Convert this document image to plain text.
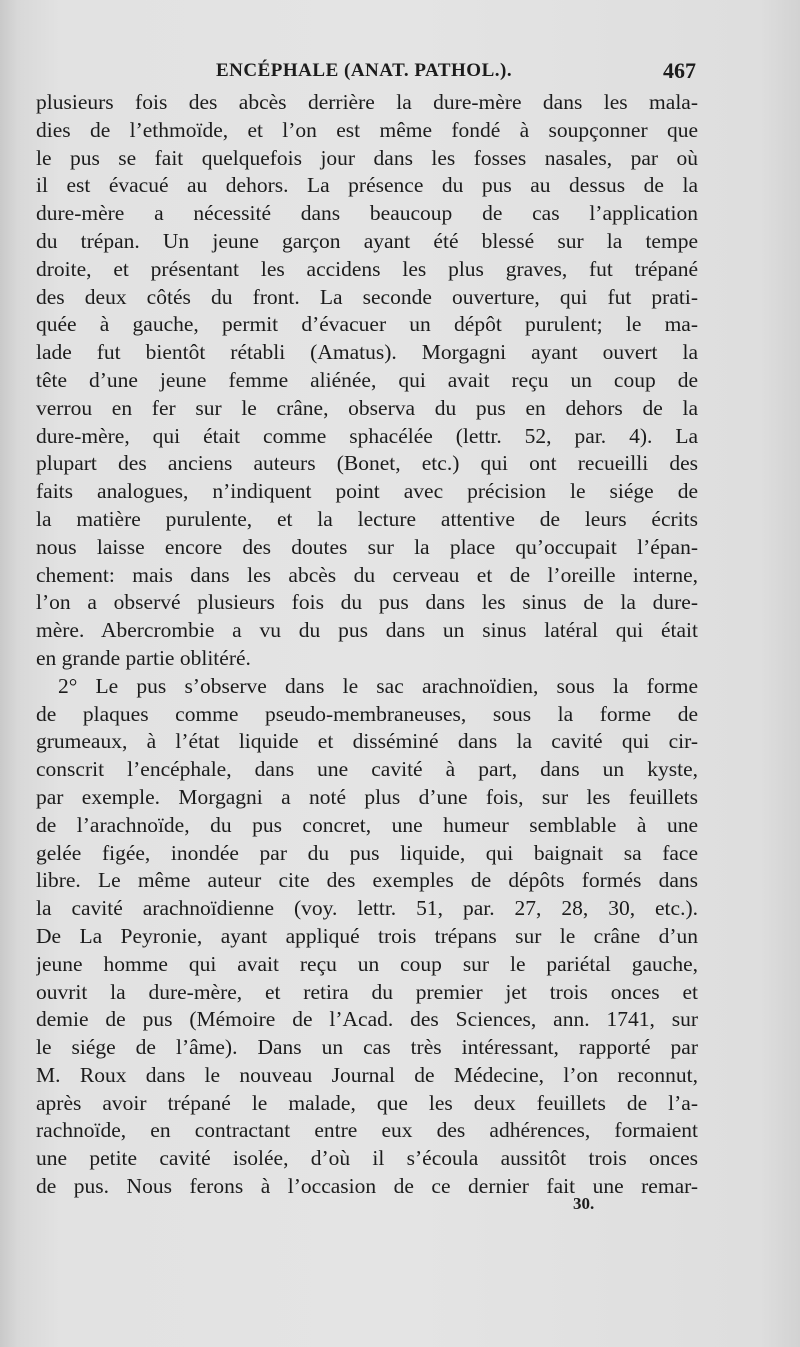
ENCÉPHALE (ANAT. PATHOL.).	467
plusieurs fois des abcès derrière la dure-mère dans les mala-
dies de l’ethmoïde, et l’on est même fondé à soupçonner que
le pus se fait quelquefois jour dans les fosses nasales, par où
il est évacué au dehors. La présence du pus au dessus de la
dure-mère a nécessité dans beaucoup de cas l’application
du trépan. Un jeune garçon ayant été blessé sur la tempe
droite, et présentant les accidens les plus graves, fut trépané
des deux côtés du front. La seconde ouverture, qui fut prati-
quée à gauche, permit d’évacuer un dépôt purulent; le ma-
lade fut bientôt rétabli (Amatus). Morgagni ayant ouvert la
tête d’une jeune femme aliénée, qui avait reçu un coup de
verrou en fer sur le crâne, observa du pus en dehors de la
dure-mère, qui était comme sphacélée (lettr. 52, par. 4). La
plupart des anciens auteurs (Bonet, etc.) qui ont recueilli des
faits analogues, n’indiquent point avec précision le siége de
la matière purulente, et la lecture attentive de leurs écrits
nous laisse encore des doutes sur la place qu’occupait l’épan-
chement: mais dans les abcès du cerveau et de l’oreille interne,
l’on a observé plusieurs fois du pus dans les sinus de la dure-
mère. Abercrombie a vu du pus dans un sinus latéral qui était
en grande partie oblitéré.
2° Le pus s’observe dans le sac arachnoïdien, sous la forme
de plaques comme pseudo-membraneuses, sous la forme de
grumeaux, à l’état liquide et disséminé dans la cavité qui cir-
conscrit l’encéphale, dans une cavité à part, dans un kyste,
par exemple. Morgagni a noté plus d’une fois, sur les feuillets
de l’arachnoïde, du pus concret, une humeur semblable à une
gelée figée, inondée par du pus liquide, qui baignait sa face
libre. Le même auteur cite des exemples de dépôts formés dans
la cavité arachnoïdienne (voy. lettr. 51, par. 27, 28, 30, etc.).
De La Peyronie, ayant appliqué trois trépans sur le crâne d’un
jeune homme qui avait reçu un coup sur le pariétal gauche,
ouvrit la dure-mère, et retira du premier jet trois onces et
demie de pus (Mémoire de l’Acad. des Sciences, ann. 1741, sur
le siége de l’âme). Dans un cas très intéressant, rapporté par
M. Roux dans le nouveau Journal de Médecine, l’on reconnut,
après avoir trépané le malade, que les deux feuillets de l’a-
rachnoïde, en contractant entre eux des adhérences, formaient
une petite cavité isolée, d’où il s’écoula aussitôt trois onces
de pus. Nous ferons à l’occasion de ce dernier fait une remar-
30.
